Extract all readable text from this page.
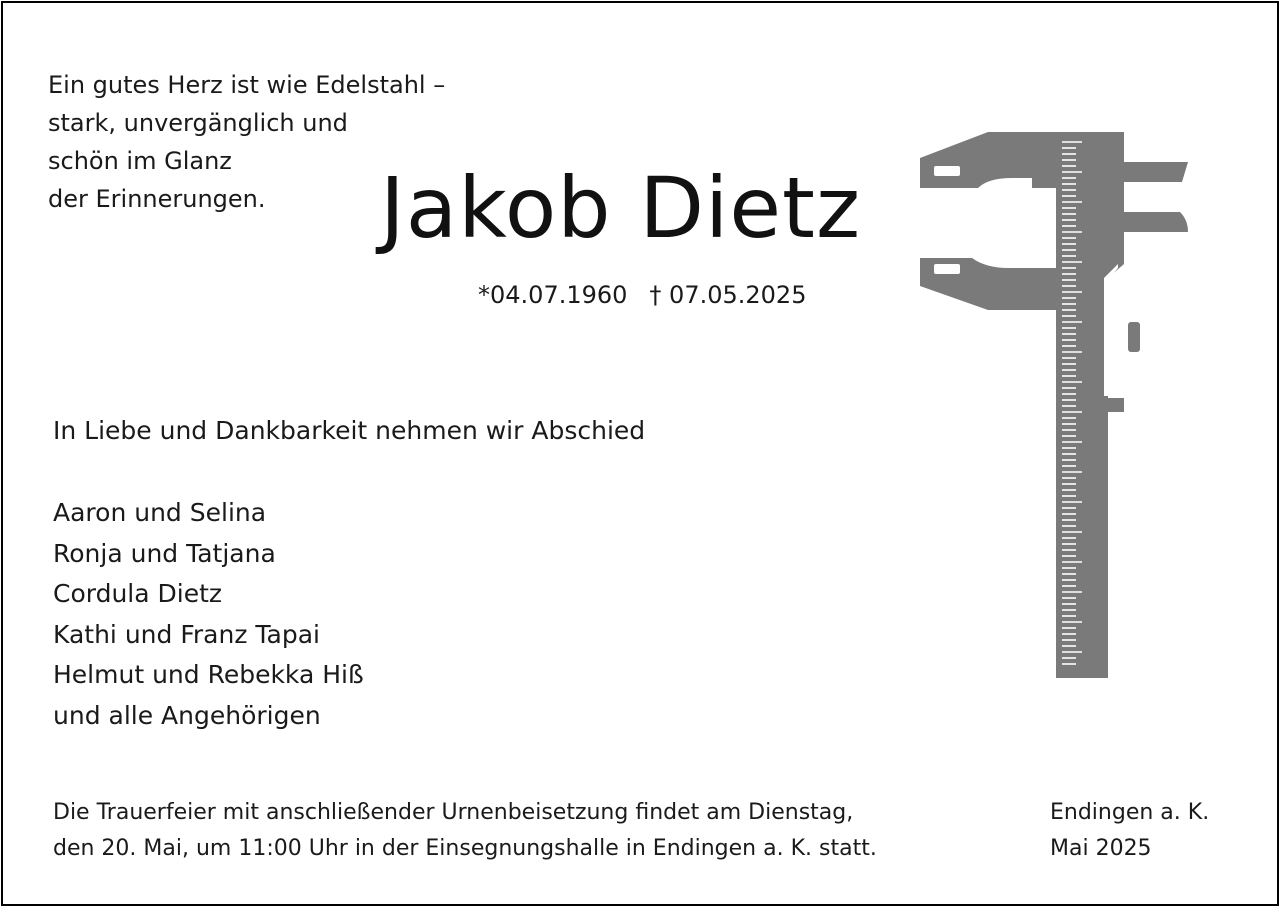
Ein gutes Herz ist wie Edelstahl –
stark, unvergänglich und
schön im Glanz
der Erinnerungen.	Jakob Dietz
*04.07.1960 † 07.05.2025
In Liebe und Dankbarkeit nehmen wir Abschied
Aaron und Selina
Ronja und Tatjana
Cordula Dietz
Kathi und Franz Tapai
Helmut und Rebekka Hiß
und alle Angehörigen
Die Trauerfeier mit anschließender Urnenbeisetzung findet am Dienstag,
den 20. Mai, um 11:00 Uhr in der Einsegnungshalle in Endingen a. K. statt.
Endingen a. K.
Mai 2025
